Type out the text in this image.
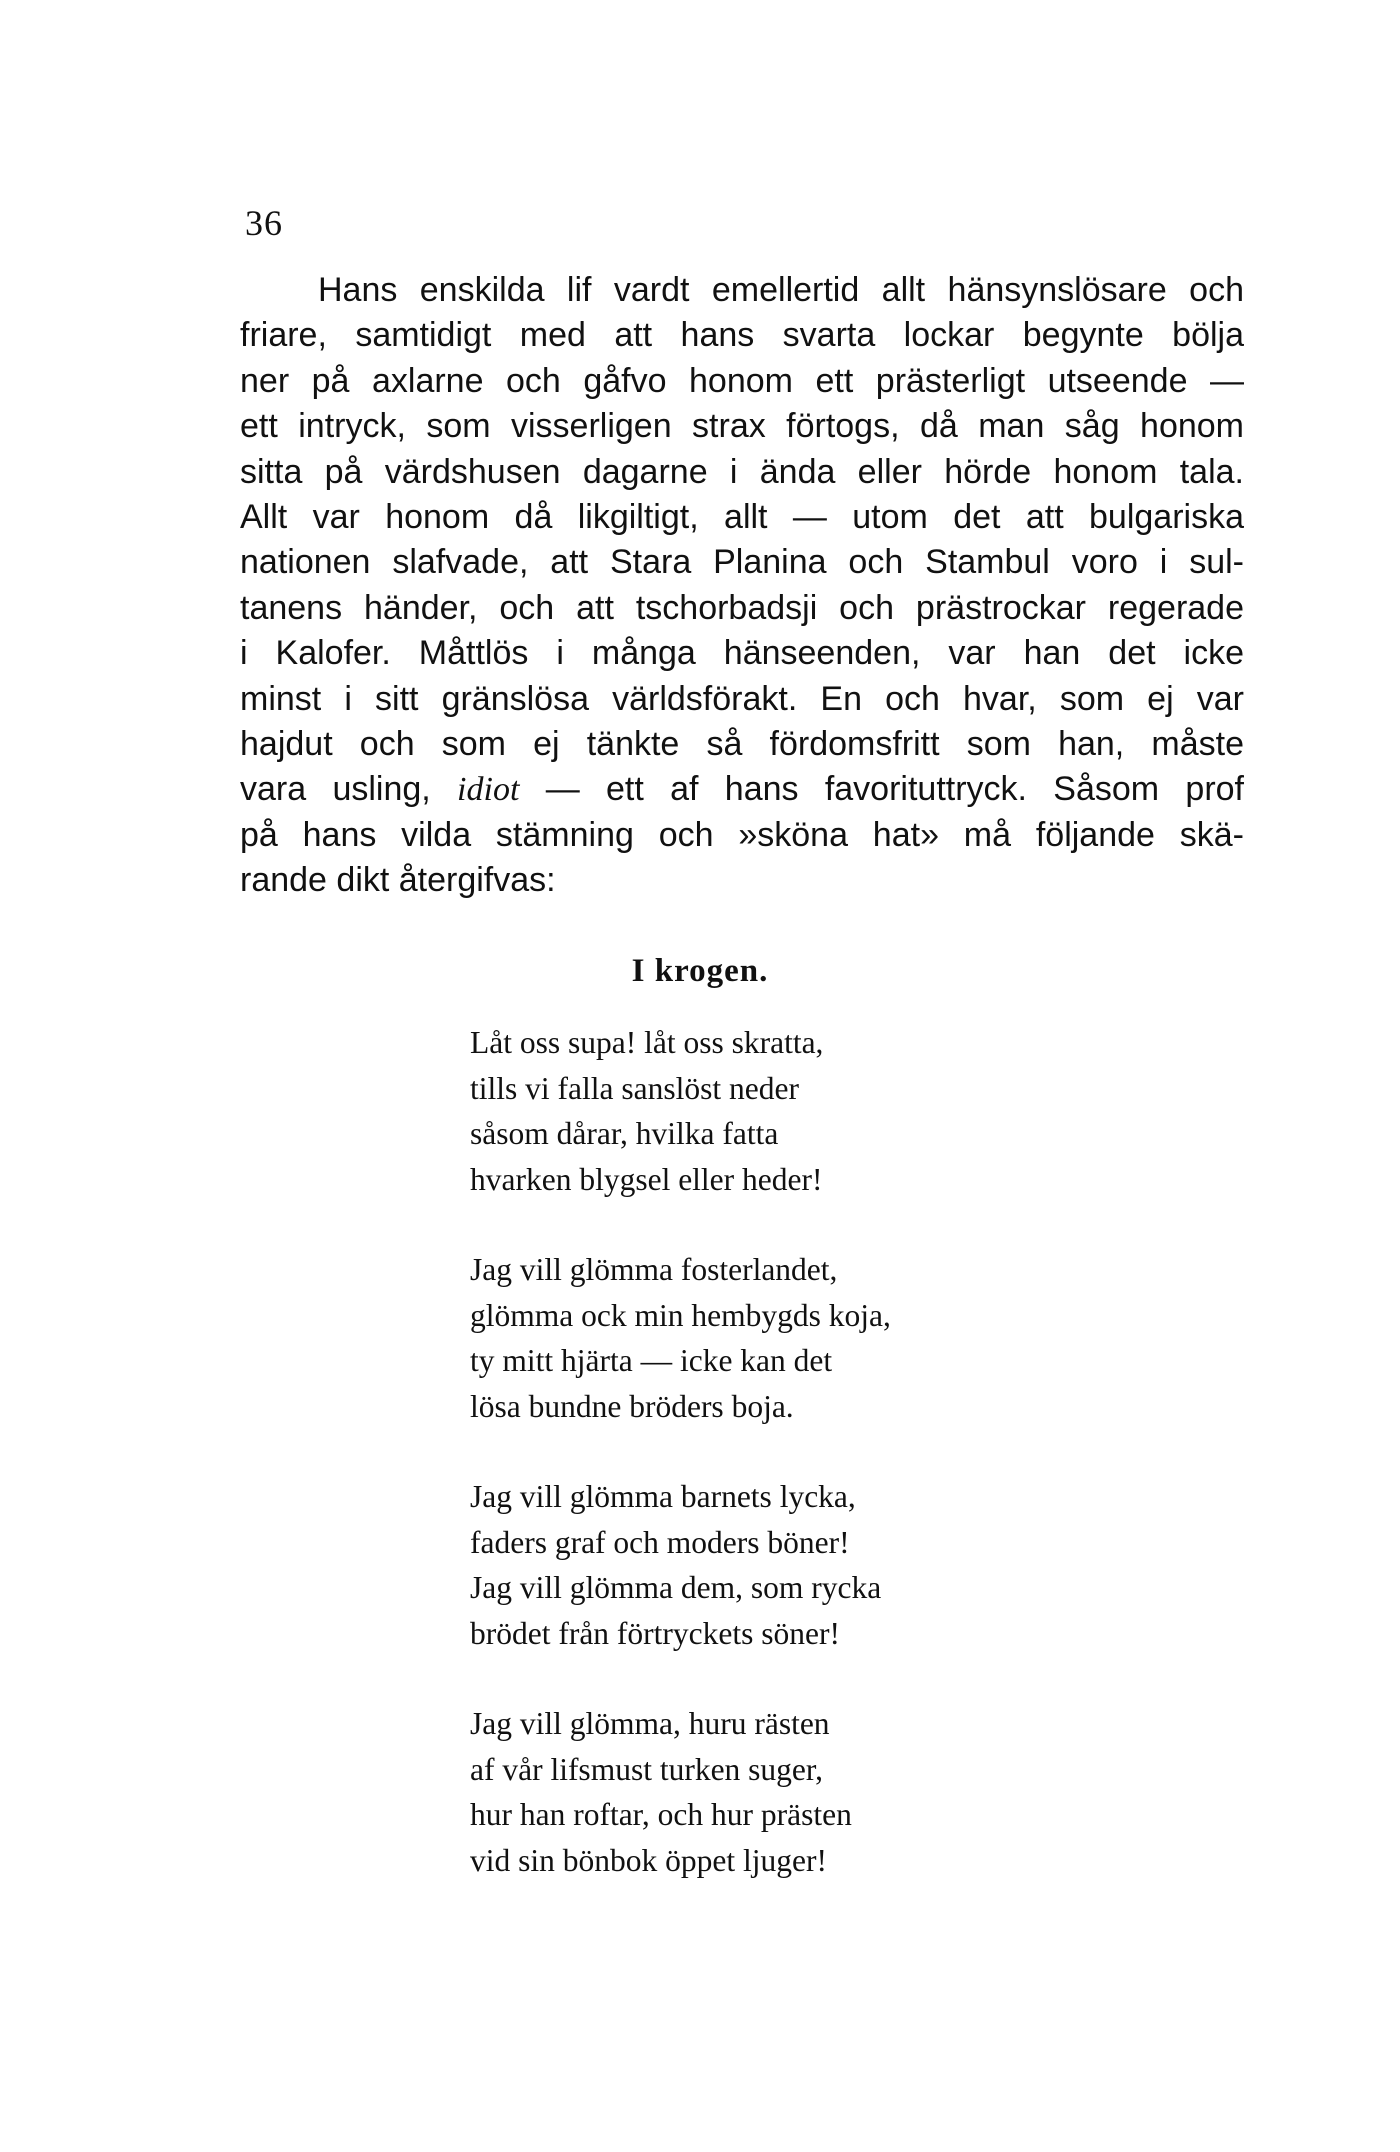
36
Hans enskilda lif vardt emellertid allt hänsynslösare och
friare, samtidigt med att hans svarta lockar begynte bölja
ner på axlarne och gåfvo honom ett prästerligt utseende —
ett intryck, som visserligen strax förtogs, då man såg honom
sitta på värdshusen dagarne i ända eller hörde honom tala.
Allt var honom då likgiltigt, allt — utom det att bulgariska
nationen slafvade, att Stara Planina och Stambul voro i sul-
tanens händer, och att tschorbadsji och prästrockar regerade
i Kalofer. Måttlös i många hänseenden, var han det icke
minst i sitt gränslösa världsförakt. En och hvar, som ej var
hajdut och som ej tänkte så fördomsfritt som han, måste
vara usling, idiot — ett af hans favorituttryck. Såsom prof
på hans vilda stämning och »sköna hat» må följande skä-
rande dikt återgifvas:
I krogen.
Låt oss supa! låt oss skratta,
tills vi falla sanslöst neder
såsom dårar, hvilka fatta
hvarken blygsel eller heder!
Jag vill glömma fosterlandet,
glömma ock min hembygds koja,
ty mitt hjärta — icke kan det
lösa bundne bröders boja.
Jag vill glömma barnets lycka,
faders graf och moders böner!
Jag vill glömma dem, som rycka
brödet från förtryckets söner!
Jag vill glömma, huru rästen
af vår lifsmust turken suger,
hur han roftar, och hur prästen
vid sin bönbok öppet ljuger!
